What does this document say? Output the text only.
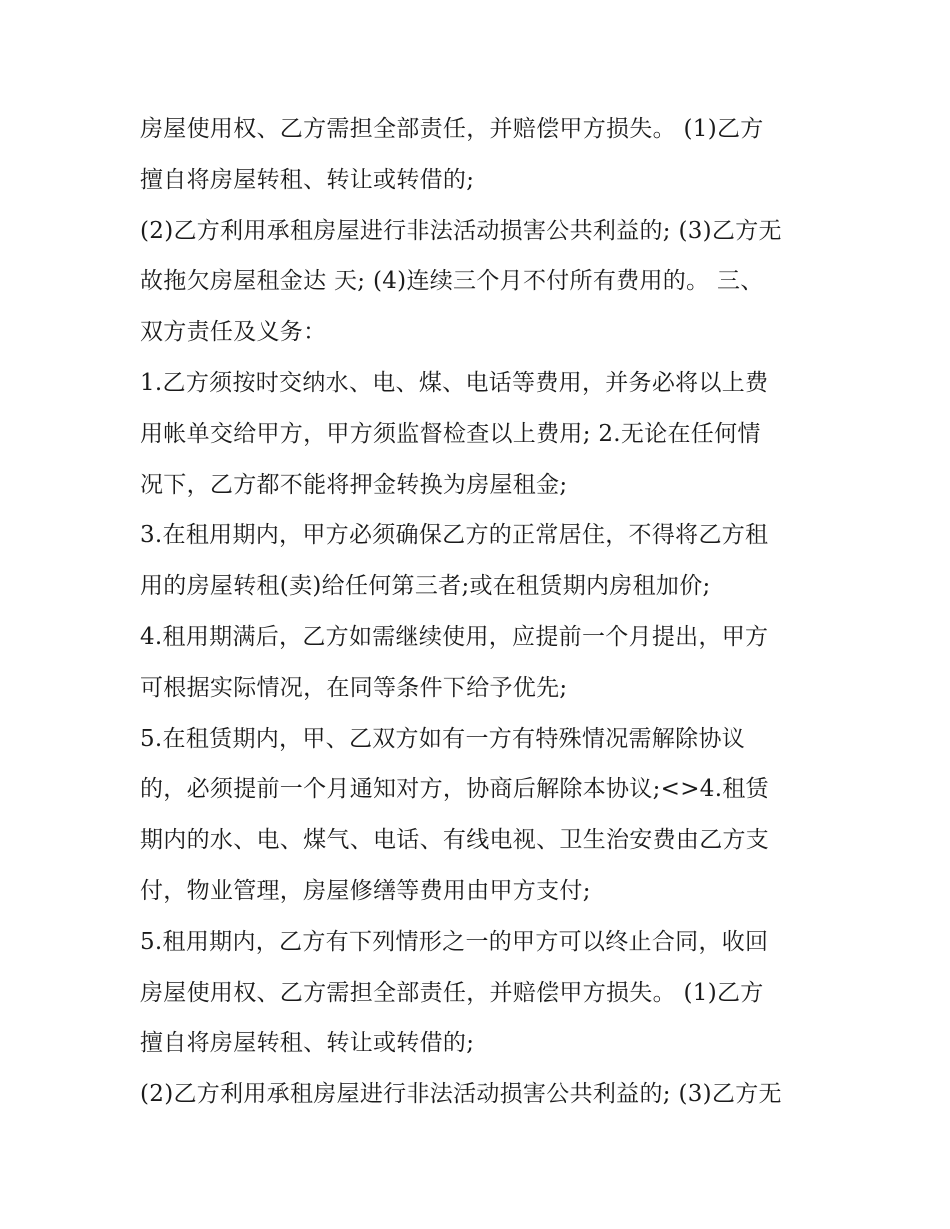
房屋使用权、乙方需担全部责任，并赔偿甲方损失。 (1)乙方
擅自将房屋转租、转让或转借的;
(2)乙方利用承租房屋进行非法活动损害公共利益的; (3)乙方无
故拖欠房屋租金达 天; (4)连续三个月不付所有费用的。 三、
双方责任及义务：
1.乙方须按时交纳水、电、煤、电话等费用，并务必将以上费
用帐单交给甲方，甲方须监督检查以上费用; 2.无论在任何情
况下，乙方都不能将押金转换为房屋租金;
3.在租用期内，甲方必须确保乙方的正常居住，不得将乙方租
用的房屋转租(卖)给任何第三者;或在租赁期内房租加价;
4.租用期满后，乙方如需继续使用，应提前一个月提出，甲方
可根据实际情况，在同等条件下给予优先;
5.在租赁期内，甲、乙双方如有一方有特殊情况需解除协议
的，必须提前一个月通知对方，协商后解除本协议;<>4.租赁
期内的水、电、煤气、电话、有线电视、卫生治安费由乙方支
付，物业管理，房屋修缮等费用由甲方支付;
5.租用期内，乙方有下列情形之一的甲方可以终止合同，收回
房屋使用权、乙方需担全部责任，并赔偿甲方损失。 (1)乙方
擅自将房屋转租、转让或转借的;
(2)乙方利用承租房屋进行非法活动损害公共利益的; (3)乙方无
